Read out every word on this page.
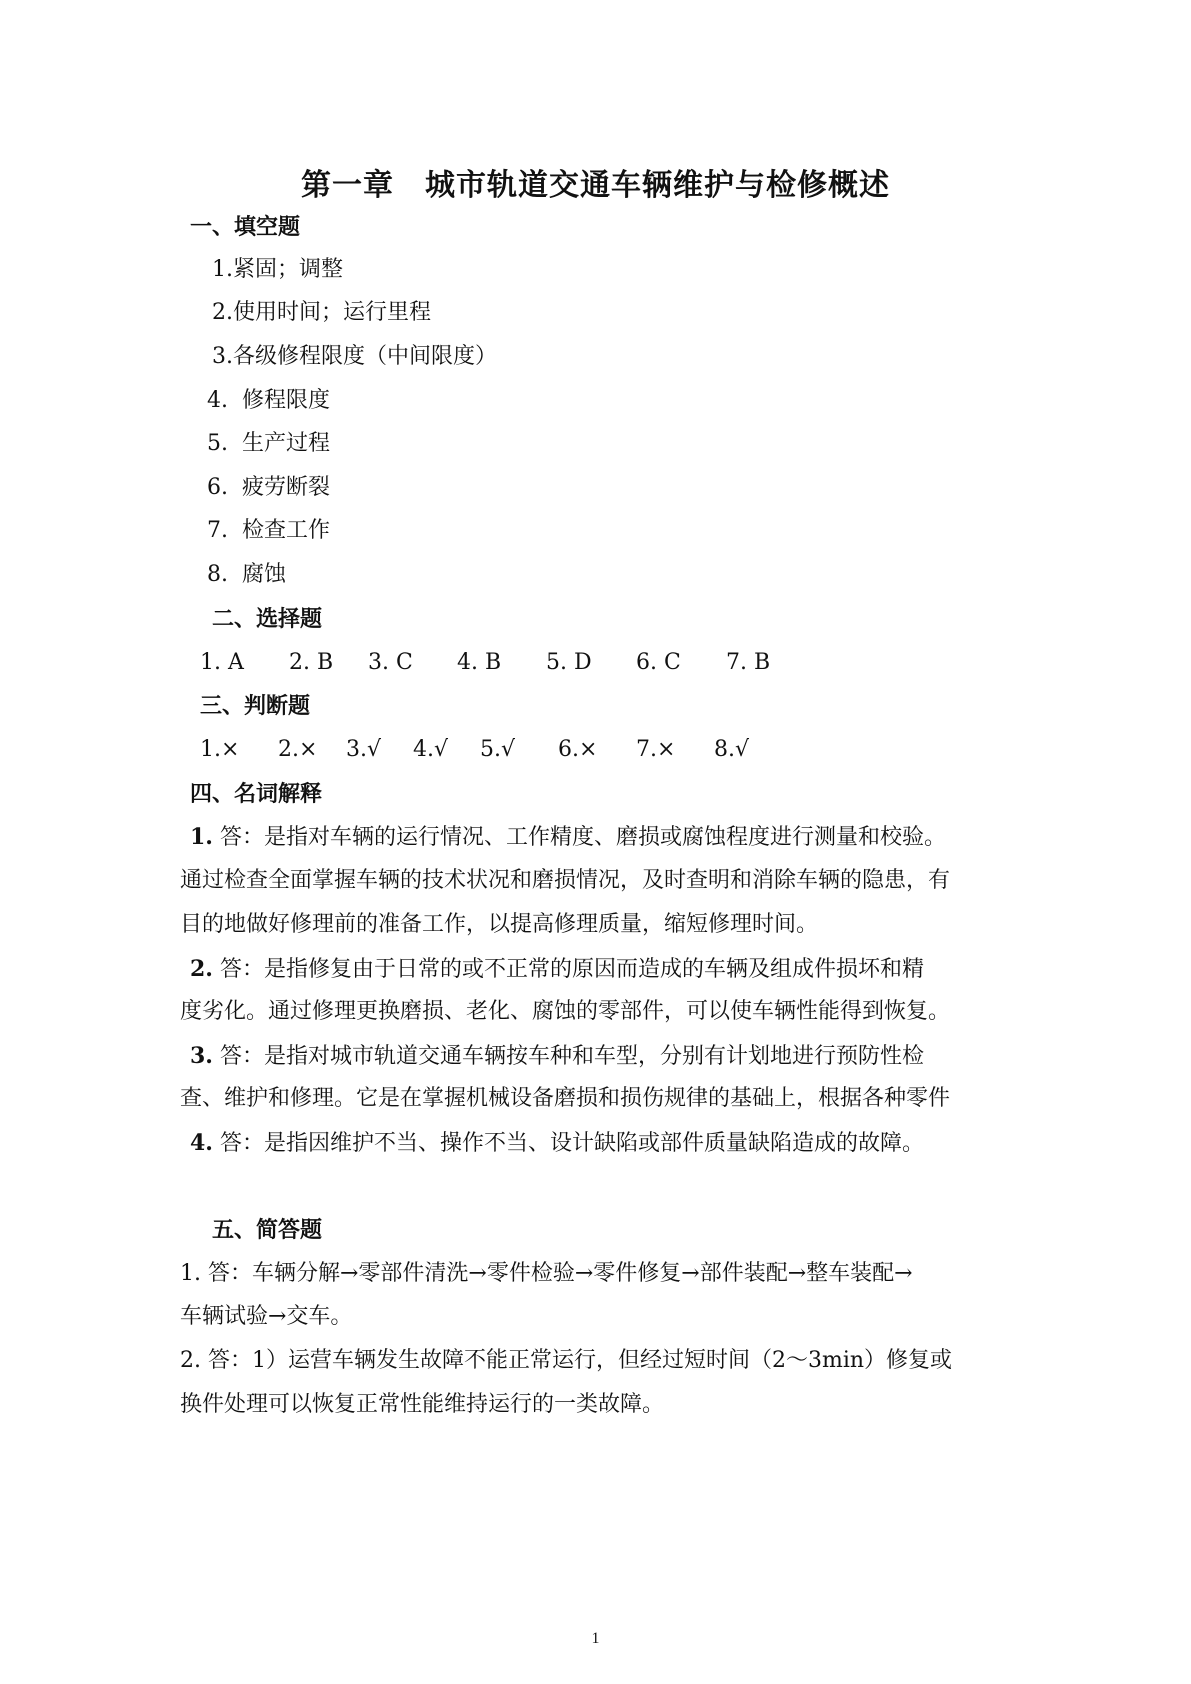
第一章　城市轨道交通车辆维护与检修概述
一、填空题
1.紧固；调整
2.使用时间；运行里程
3.各级修程限度（中间限度）
4.  修程限度
5.  生产过程
6.  疲劳断裂
7.  检查工作
8.  腐蚀
二、选择题
1. A 2. B 3. C 4. B 5. D 6. C 7. B
三、判断题
1.× 2.× 3.√ 4.√ 5.√ 6.× 7.× 8.√
四、名词解释
1. 答：是指对车辆的运行情况、工作精度、磨损或腐蚀程度进行测量和校验。
通过检查全面掌握车辆的技术状况和磨损情况，及时查明和消除车辆的隐患，有
目的地做好修理前的准备工作，以提高修理质量，缩短修理时间。
2. 答：是指修复由于日常的或不正常的原因而造成的车辆及组成件损坏和精
度劣化。通过修理更换磨损、老化、腐蚀的零部件，可以使车辆性能得到恢复。
3. 答：是指对城市轨道交通车辆按车种和车型，分别有计划地进行预防性检
查、维护和修理。它是在掌握机械设备磨损和损伤规律的基础上，根据各种零件
4. 答：是指因维护不当、操作不当、设计缺陷或部件质量缺陷造成的故障。
五、简答题
1. 答：车辆分解→零部件清洗→零件检验→零件修复→部件装配→整车装配→
车辆试验→交车。
2. 答：1）运营车辆发生故障不能正常运行，但经过短时间（2～3min）修复或
换件处理可以恢复正常性能维持运行的一类故障。
1
